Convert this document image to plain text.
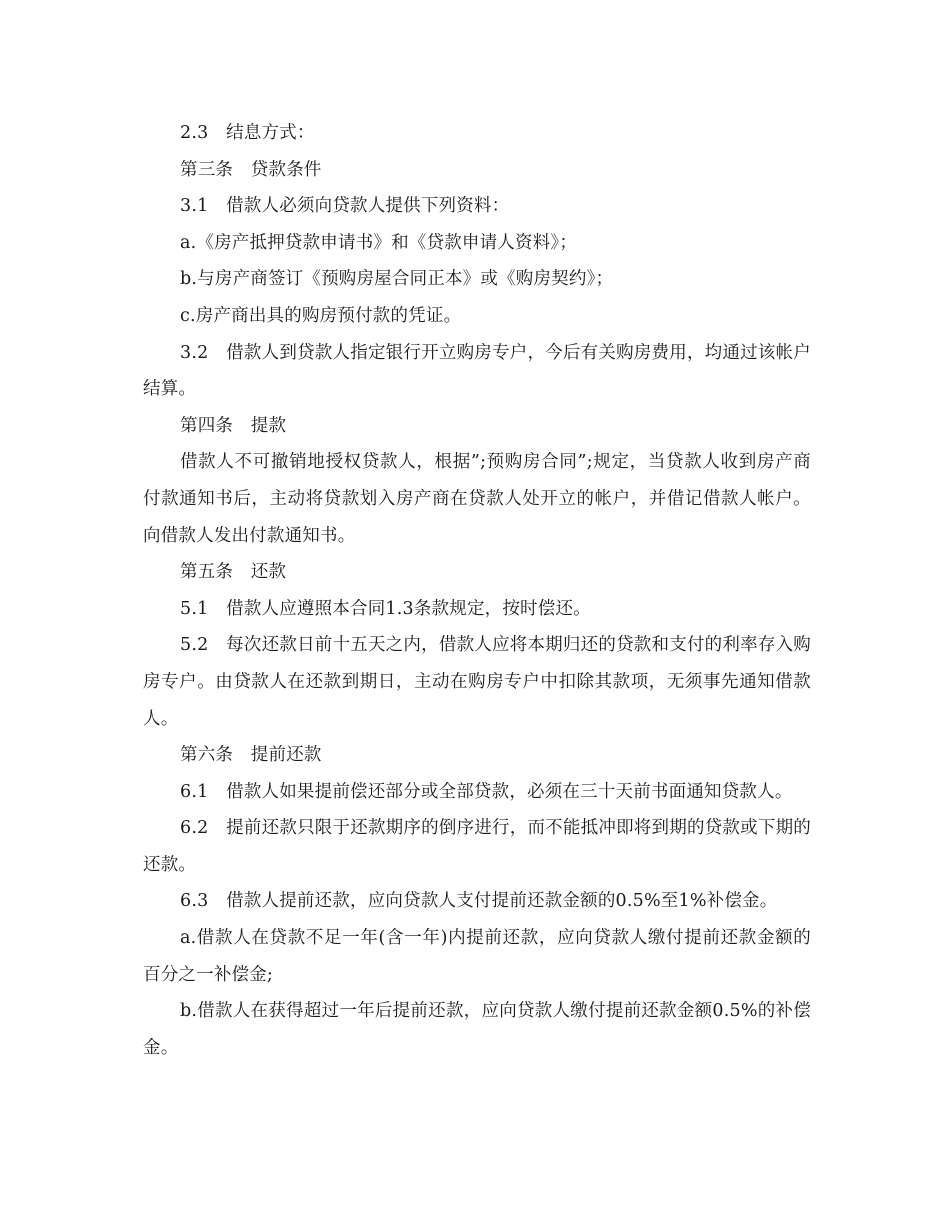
2.3　结息方式：

第三条　贷款条件

3.1　借款人必须向贷款人提供下列资料：

a.《房产抵押贷款申请书》和《贷款申请人资料》；

b.与房产商签订《预购房屋合同正本》或《购房契约》；

c.房产商出具的购房预付款的凭证。

3.2　借款人到贷款人指定银行开立购房专户，今后有关购房费用，均通过该帐户结算。

第四条　提款

借款人不可撤销地授权贷款人，根据”;预购房合同”;规定，当贷款人收到房产商付款通知书后，主动将贷款划入房产商在贷款人处开立的帐户，并借记借款人帐户。向借款人发出付款通知书。

第五条　还款

5.1　借款人应遵照本合同1.3条款规定，按时偿还。

5.2　每次还款日前十五天之内，借款人应将本期归还的贷款和支付的利率存入购房专户。由贷款人在还款到期日，主动在购房专户中扣除其款项，无须事先通知借款人。

第六条　提前还款

6.1　借款人如果提前偿还部分或全部贷款，必须在三十天前书面通知贷款人。

6.2　提前还款只限于还款期序的倒序进行，而不能抵冲即将到期的贷款或下期的还款。

6.3　借款人提前还款，应向贷款人支付提前还款金额的0.5%至1%补偿金。

a.借款人在贷款不足一年(含一年)内提前还款，应向贷款人缴付提前还款金额的百分之一补偿金;

b.借款人在获得超过一年后提前还款，应向贷款人缴付提前还款金额0.5%的补偿金。
